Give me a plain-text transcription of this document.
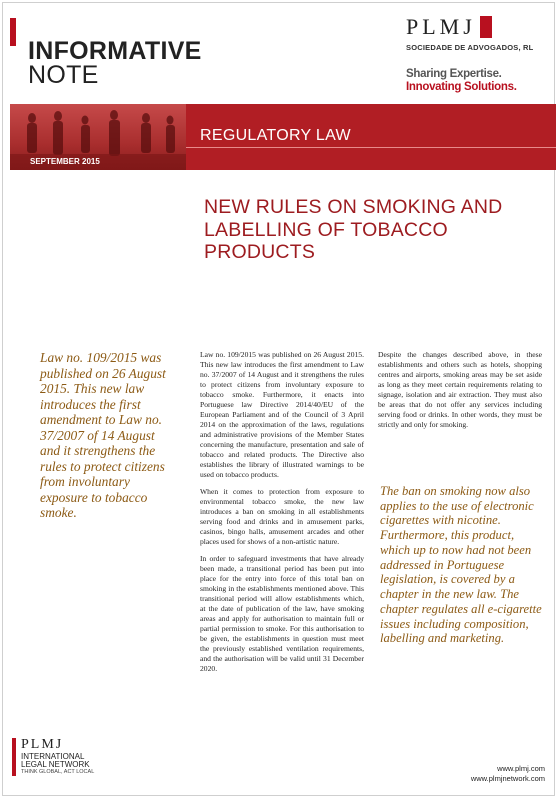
INFORMATIVE
NOTE
PLMJ
SOCIEDADE DE ADVOGADOS, RL
Sharing Expertise.
Innovating Solutions.
REGULATORY LAW
SEPTEMBER 2015
NEW RULES ON SMOKING AND LABELLING OF TOBACCO PRODUCTS
Law no. 109/2015 was published on 26 August 2015. This new law introduces the first amendment to Law no. 37/2007 of 14 August and it strengthens the rules to protect citizens from involuntary exposure to tobacco smoke.

Law no. 109/2015 was published on 26 August 2015. This new law introduces the first amendment to Law no. 37/2007 of 14 August and it strengthens the rules to protect citizens from involuntary exposure to tobacco smoke. Furthermore, it enacts into Portuguese law Directive 2014/40/EU of the European Parliament and of the Council of 3 April 2014 on the approximation of the laws, regulations and administrative provisions of the Member States concerning the manufacture, presentation and sale of tobacco and related products. The Directive also establishes the library of illustrated warnings to be used on tobacco products.

When it comes to protection from exposure to environmental tobacco smoke, the new law introduces a ban on smoking in all establishments serving food and drinks and in amusement parks, casinos, bingo halls, amusement arcades and other places used for shows of a non-artistic nature.

In order to safeguard investments that have already been made, a transitional period has been put into place for the entry into force of this total ban on smoking in the establishments mentioned above. This transitional period will allow establishments which, at the date of publication of the law, have smoking areas and apply for authorisation to maintain full or partial permission to smoke. For this authorisation to be given, the establishments in question must meet the previously established ventilation requirements, and the authorisation will be valid until 31 December 2020.

Despite the changes described above, in these establishments and others such as hotels, shopping centres and airports, smoking areas may be set aside as long as they meet certain requirements relating to signage, isolation and air extraction. They must also be areas that do not offer any services including serving food or drinks. In other words, they must be strictly and only for smoking.

The ban on smoking now also applies to the use of electronic cigarettes with nicotine. Furthermore, this product, which up to now had not been addressed in Portuguese legislation, is covered by a chapter in the new law. The chapter regulates all e-cigarette issues including composition, labelling and marketing.
PLMJ
INTERNATIONAL
LEGAL NETWORK
THINK GLOBAL, ACT LOCAL	www.plmj.com
www.plmjnetwork.com
